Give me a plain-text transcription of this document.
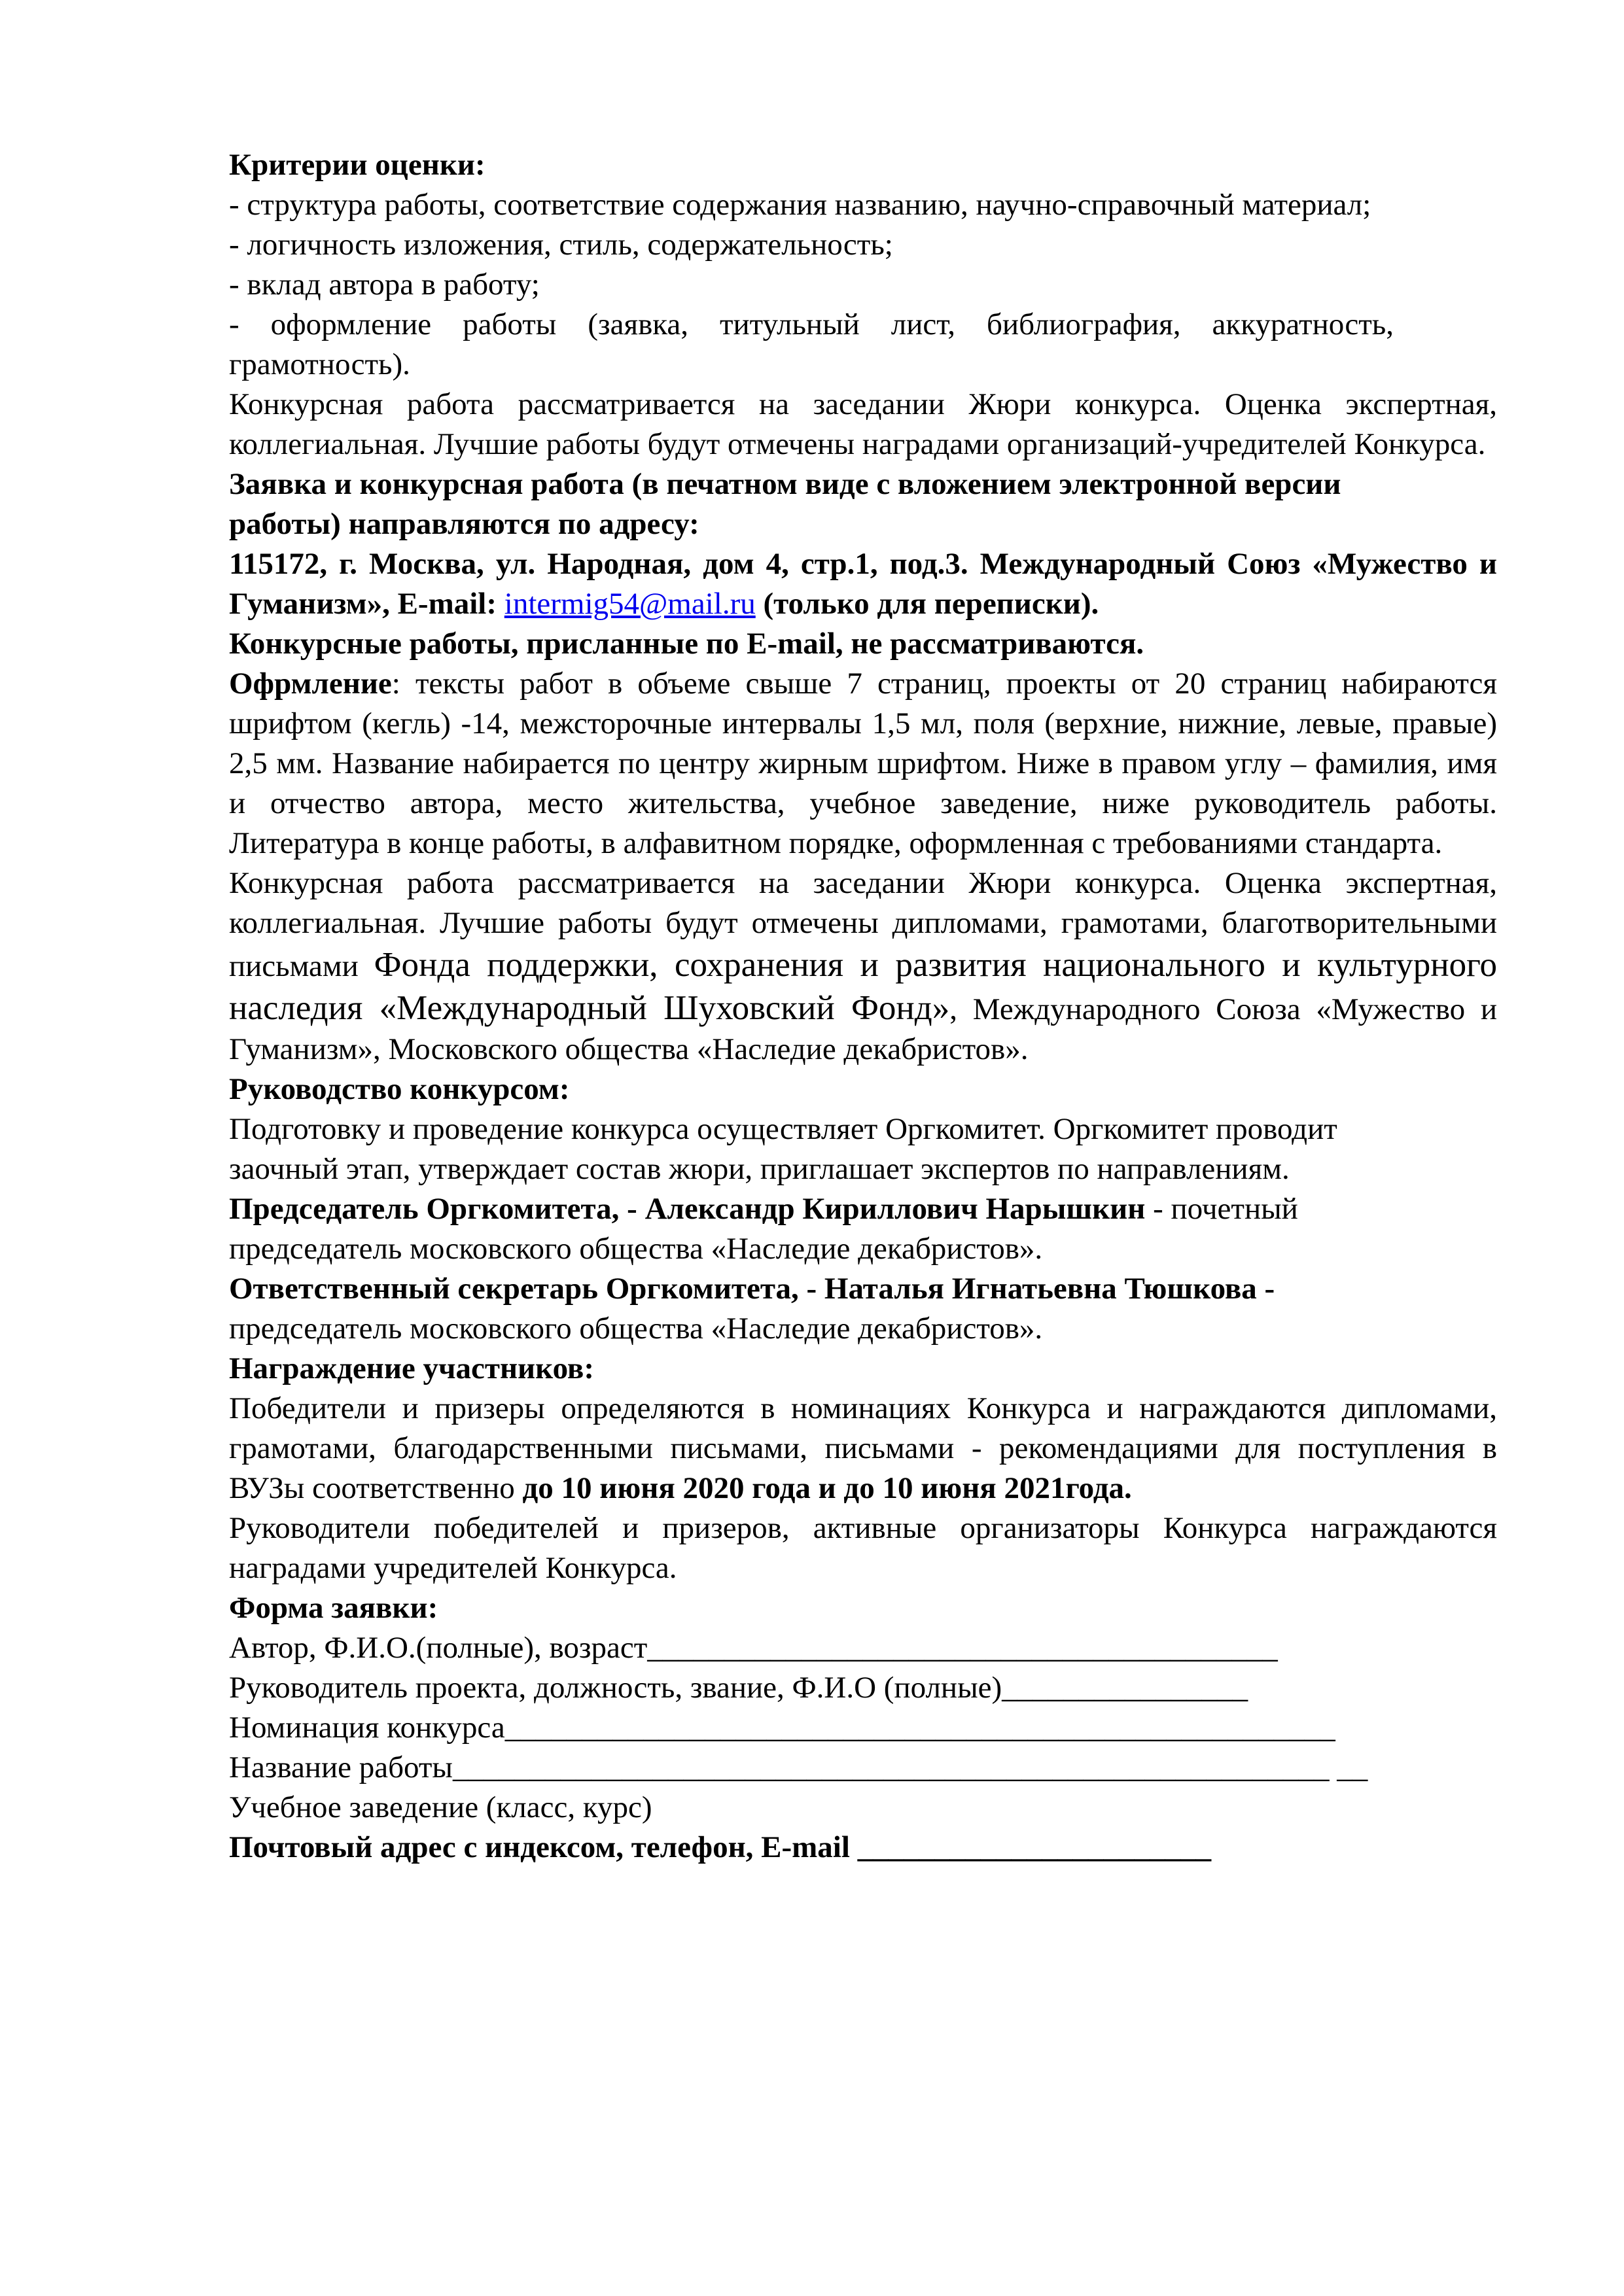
Критерии оценки:

- структура работы, соответствие содержания названию, научно-справочный материал;

- логичность изложения, стиль, содержательность;

- вклад автора в работу;

- оформление работы (заявка, титульный лист, библиография, аккуратность, грамотность).

Конкурсная работа рассматривается на заседании Жюри конкурса. Оценка экспертная, коллегиальная. Лучшие работы будут отмечены наградами организаций-учредителей Конкурса.

Заявка и конкурсная работа (в печатном виде с вложением электронной версии работы) направляются по адресу:

115172, г. Москва, ул. Народная, дом 4, стр.1, под.3. Международный Союз «Мужество и Гуманизм», E-mail: intermig54@mail.ru (только для переписки).

Конкурсные работы, присланные по E-mail, не рассматриваются.

Офрмление: тексты работ в объеме свыше 7 страниц, проекты от 20 страниц набираются шрифтом (кегль) -14, межсторочные интервалы 1,5 мл, поля (верхние, нижние, левые, правые) 2,5 мм. Название набирается по центру жирным шрифтом. Ниже в правом углу – фамилия, имя и отчество автора, место жительства, учебное заведение, ниже руководитель работы. Литература в конце работы, в алфавитном порядке, оформленная с требованиями стандарта.

Конкурсная работа рассматривается на заседании Жюри конкурса. Оценка экспертная, коллегиальная. Лучшие работы будут отмечены дипломами, грамотами, благотворительными письмами Фонда поддержки, сохранения и развития национального и культурного наследия «Международный Шуховский Фонд», Международного Союза «Мужество и Гуманизм», Московского общества «Наследие декабристов».

Руководство конкурсом:

Подготовку и проведение конкурса осуществляет Оргкомитет. Оргкомитет проводит заочный этап, утверждает состав жюри, приглашает экспертов по направлениям.

Председатель Оргкомитета, - Александр Кириллович Нарышкин - почетный председатель московского общества «Наследие декабристов».

Ответственный секретарь Оргкомитета, - Наталья Игнатьевна Тюшкова - председатель московского общества «Наследие декабристов».

Награждение участников:

Победители и призеры определяются в номинациях Конкурса и награждаются дипломами, грамотами, благодарственными письмами, письмами - рекомендациями для поступления в ВУЗы соответственно до 10 июня 2020 года и до 10 июня 2021года.

Руководители победителей и призеров, активные организаторы Конкурса награждаются наградами учредителей Конкурса.

Форма заявки:

Автор, Ф.И.О.(полные), возраст_________________________________________

Руководитель проекта, должность, звание, Ф.И.О (полные)________________

Номинация конкурса______________________________________________________

Название работы_________________________________________________________ __

Учебное заведение (класс, курс)

Почтовый адрес с индексом, телефон, E-mail _______________________
